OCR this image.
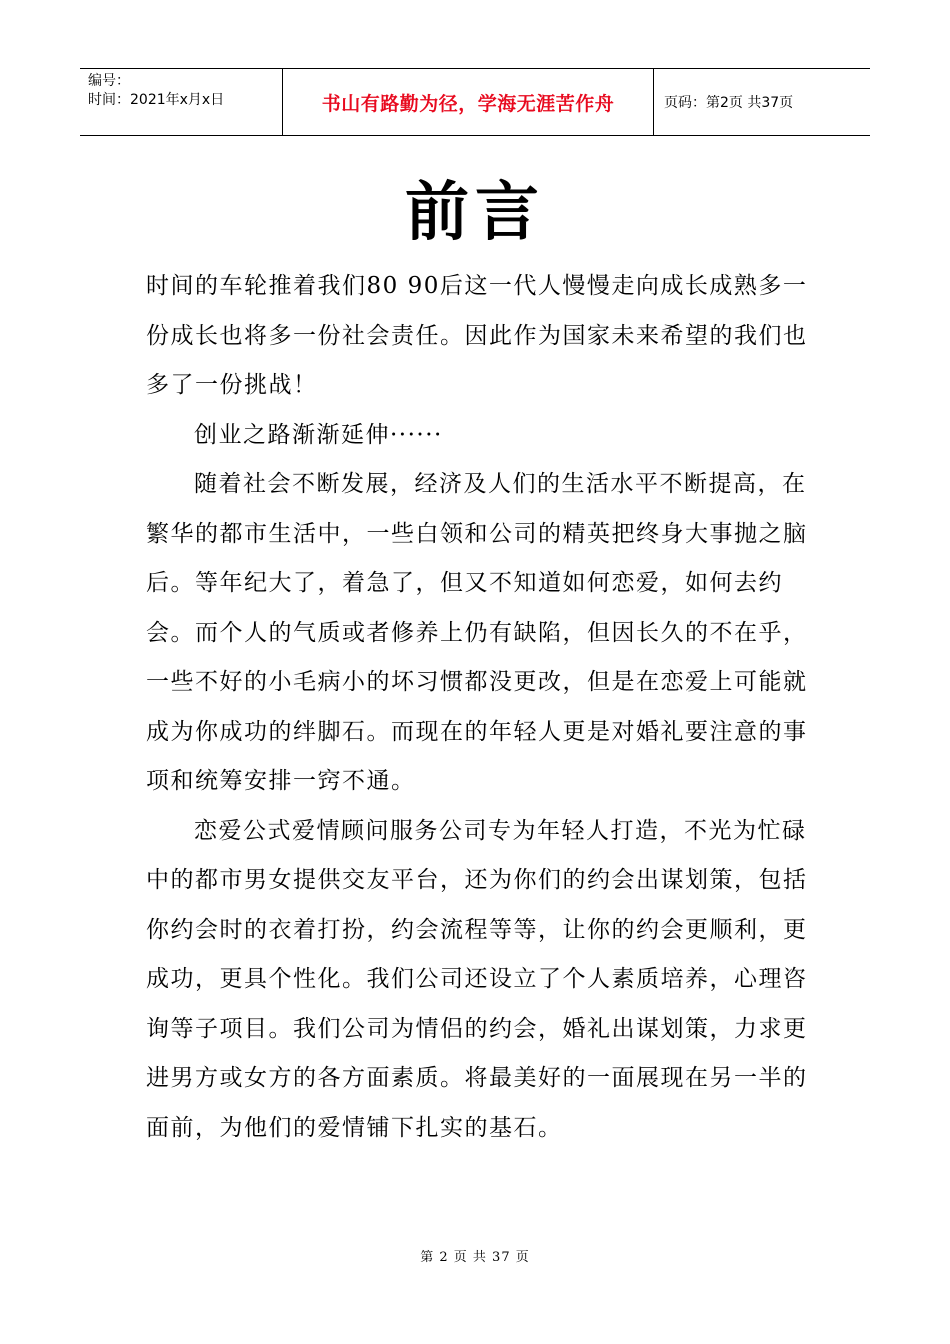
编号：
时间：2021年x月x日	书山有路勤为径，学海无涯苦作舟	页码：第2页 共37页
前言

时间的车轮推着我们80 90后这一代人慢慢走向成长成熟多一份成长也将多一份社会责任。因此作为国家未来希望的我们也多了一份挑战！

创业之路渐渐延伸······

随着社会不断发展，经济及人们的生活水平不断提高，在繁华的都市生活中，一些白领和公司的精英把终身大事抛之脑后。等年纪大了，着急了，但又不知道如何恋爱，如何去约会。而个人的气质或者修养上仍有缺陷，但因长久的不在乎，一些不好的小毛病小的坏习惯都没更改，但是在恋爱上可能就成为你成功的绊脚石。而现在的年轻人更是对婚礼要注意的事项和统筹安排一窍不通。

恋爱公式爱情顾问服务公司专为年轻人打造，不光为忙碌中的都市男女提供交友平台，还为你们的约会出谋划策，包括你约会时的衣着打扮，约会流程等等，让你的约会更顺利，更成功，更具个性化。我们公司还设立了个人素质培养，心理咨询等子项目。我们公司为情侣的约会，婚礼出谋划策，力求更进男方或女方的各方面素质。将最美好的一面展现在另一半的面前，为他们的爱情铺下扎实的基石。

第 2 页 共 37 页
